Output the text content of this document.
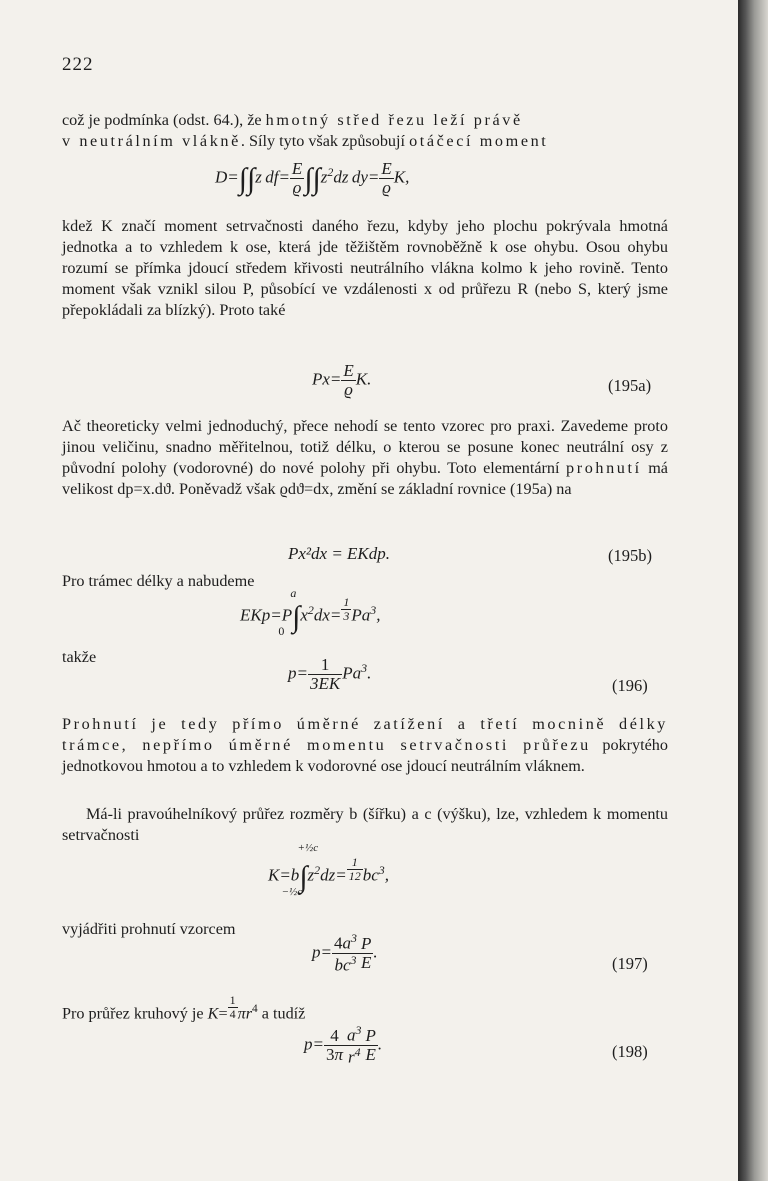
222
což je podmínka (odst. 64.), že hmotný střed řezu leží právě
v neutrálním vlákně. Síly tyto však způsobují otáčecí moment
D=∫∫z $df= \frac{E}{ϱ} \int\int z^2dz$ $dy= \frac{E}{ϱ} K$,
kdež K značí moment setrvačnosti daného řezu, kdyby jeho plochu pokrývala hmotná jednotka a to vzhledem k ose, která jde těžištěm rovnoběžně k ose ohybu. Osou ohybu rozumí se přímka jdoucí středem křivosti neutrálního vlákna kolmo k jeho rovině. Tento moment však vznikl silou P, působící ve vzdálenosti x od průřezu R (nebo S, který jsme přepokládali za blízký). Proto také
$Px= \frac{E}{ϱ} K$.	(195a)
Ač theoreticky velmi jednoduchý, přece nehodí se tento vzorec pro praxi. Zavedeme proto jinou veličinu, snadno měřitelnou, totiž délku, o kterou se posune konec neutrální osy z původní polohy (vodorovné) do nové polohy při ohybu. Toto elementární prohnutí má velikost dp=x.dϑ. Poněvadž však ϱdϑ=dx, změní se základní rovnice (195a) na
Px²dx = EKdp.	(195b)
Pro trámec délky a nabudeme
EKp=P∫
a
0
$x^2dx= \frac{1}{3} Pa^3$,
takže
$p= \frac{1}{3EK} Pa^3$.
(196)
Prohnutí je tedy přímo úměrné zatížení a třetí mocnině délky trámce, nepřímo úměrné momentu setrvačnosti průřezu pokrytého jednotkovou hmotou a to vzhledem k vodorovné ose jdoucí neutrálním vláknem.
Má-li pravoúhelníkový průřez rozměry b (šířku) a c (výšku), lze, vzhledem k momentu setrvačnosti
K=b∫
+½c
−½c
$z^2dz= \frac{1}{12} bc^3$,
vyjádřiti prohnutí vzorcem
$p= \frac{4a^3}{bc^3} \frac{P}{E}$ .
(197)
Pro průřez kruhový je $K= \frac{1}{4} \pi r^4$ a tudíž
$p= \frac{4}{3\pi} \frac{a^3}{r^4} \frac{P}{E}$ .	(198)
